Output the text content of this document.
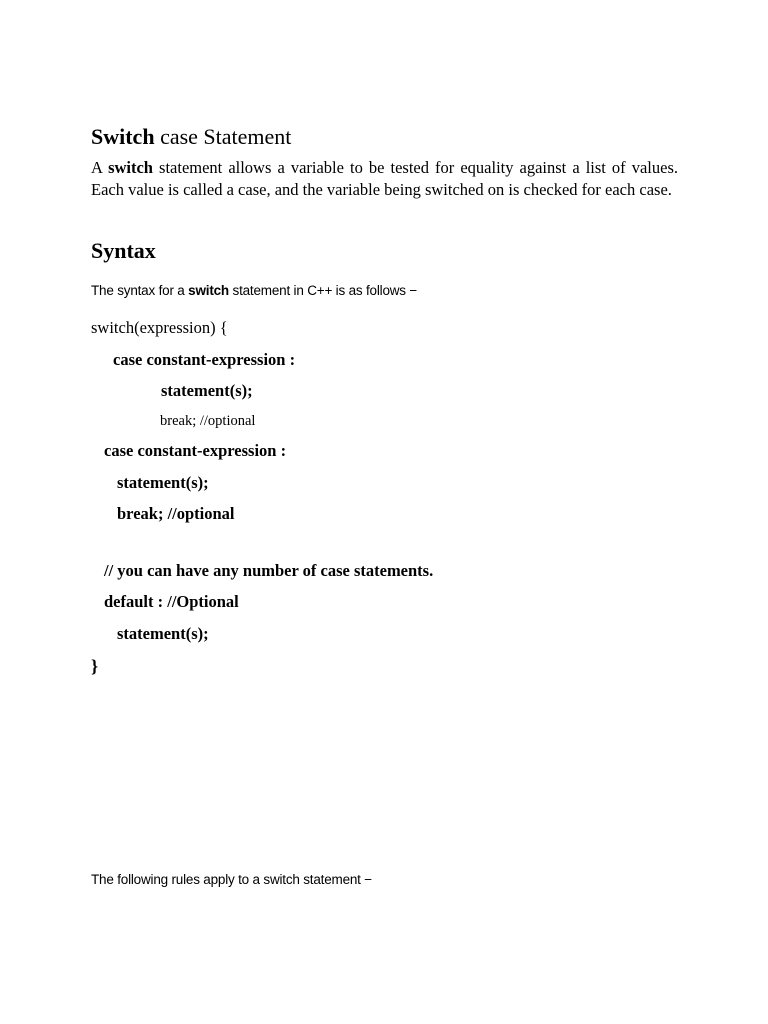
Switch case Statement
A switch statement allows a variable to be tested for equality against a list of values. Each value is called a case, and the variable being switched on is checked for each case.
Syntax
The syntax for a switch statement in C++ is as follows −
switch(expression) {
case constant-expression :
statement(s);
break; //optional
case constant-expression :
statement(s);
break; //optional
// you can have any number of case statements.
default : //Optional
statement(s);
}
The following rules apply to a switch statement −
